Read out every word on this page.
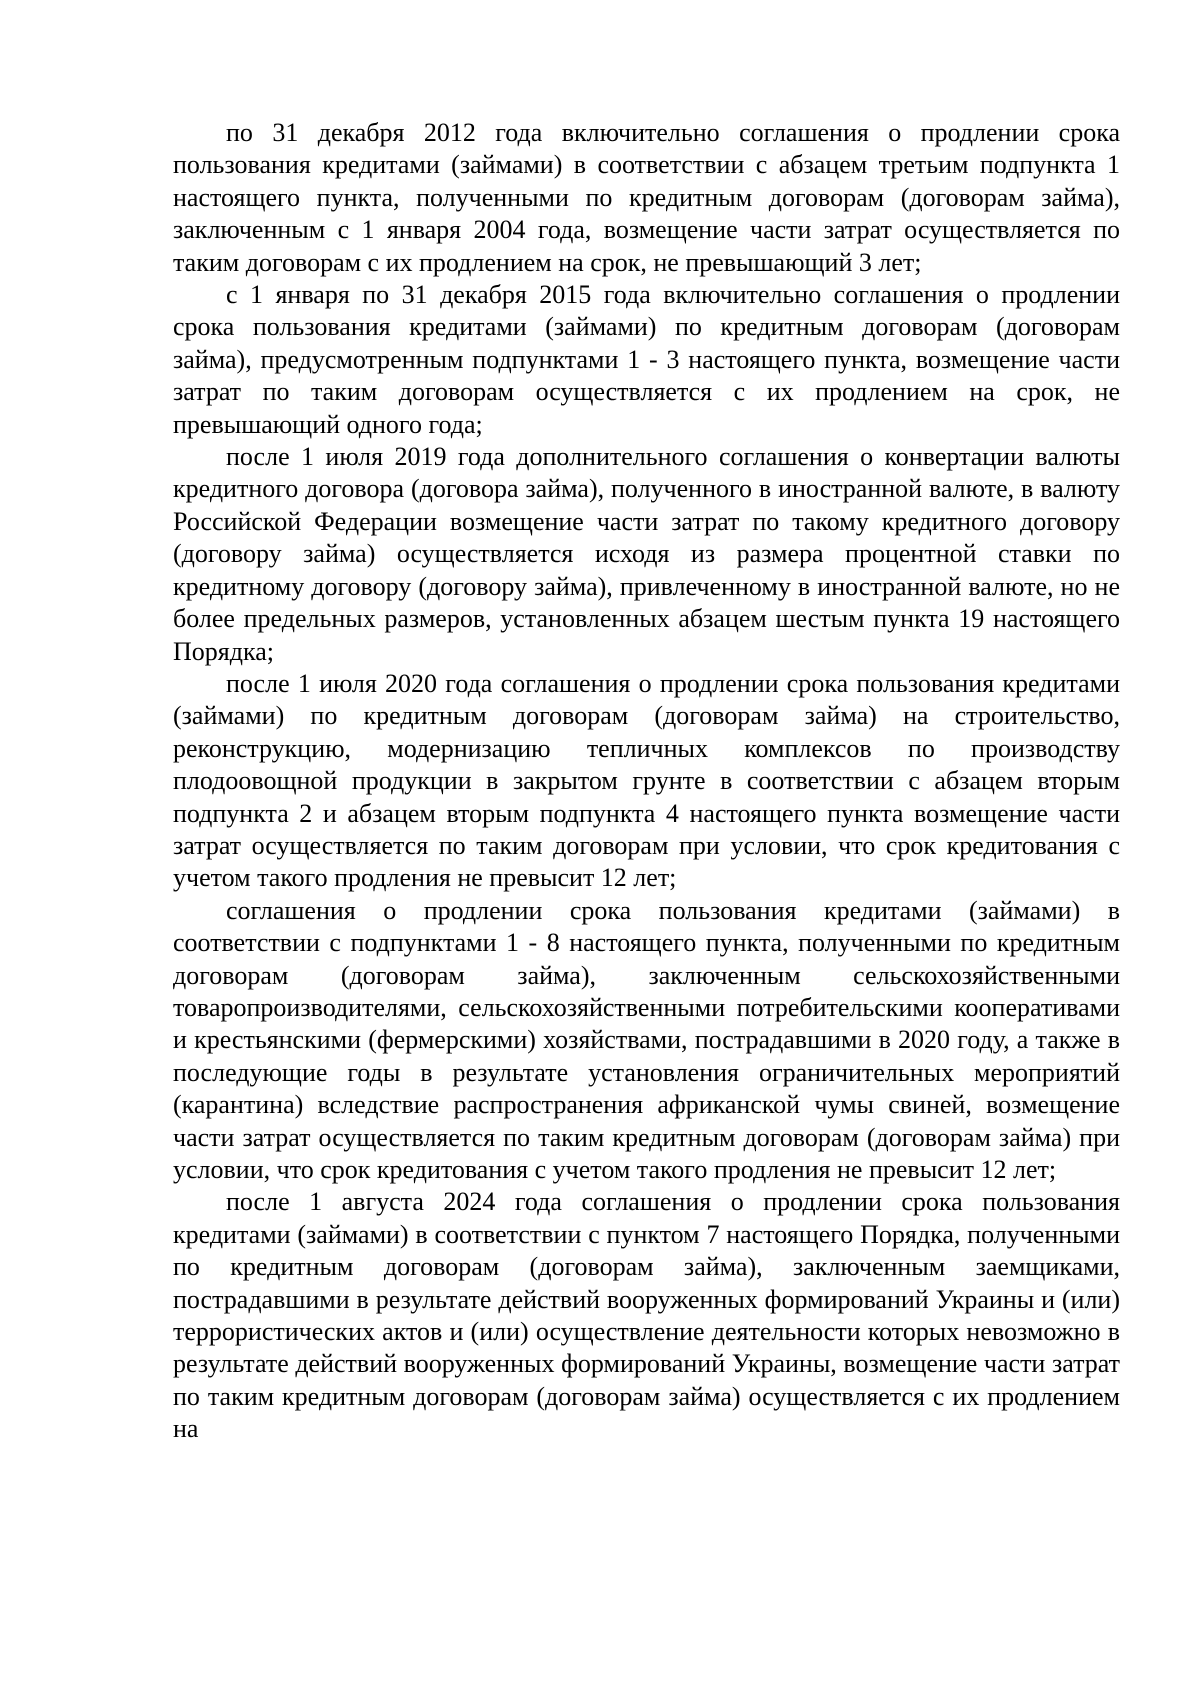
по 31 декабря 2012 года включительно соглашения о продлении срока пользования кредитами (займами) в соответствии с абзацем третьим подпункта 1 настоящего пункта, полученными по кредитным договорам (договорам займа), заключенным с 1 января 2004 года, возмещение части затрат осуществляется по таким договорам с их продлением на срок, не превышающий 3 лет;

с 1 января по 31 декабря 2015 года включительно соглашения о продлении срока пользования кредитами (займами) по кредитным договорам (договорам займа), предусмотренным подпунктами 1 - 3 настоящего пункта, возмещение части затрат по таким договорам осуществляется с их продлением на срок, не превышающий одного года;

после 1 июля 2019 года дополнительного соглашения о конвертации валюты кредитного договора (договора займа), полученного в иностранной валюте, в валюту Российской Федерации возмещение части затрат по такому кредитного договору (договору займа) осуществляется исходя из размера процентной ставки по кредитному договору (договору займа), привлеченному в иностранной валюте, но не более предельных размеров, установленных абзацем шестым пункта 19 настоящего Порядка;

после 1 июля 2020 года соглашения о продлении срока пользования кредитами (займами) по кредитным договорам (договорам займа) на строительство, реконструкцию, модернизацию тепличных комплексов по производству плодоовощной продукции в закрытом грунте в соответствии с абзацем вторым подпункта 2 и абзацем вторым подпункта 4 настоящего пункта возмещение части затрат осуществляется по таким договорам при условии, что срок кредитования с учетом такого продления не превысит 12 лет;

соглашения о продлении срока пользования кредитами (займами) в соответствии с подпунктами 1 - 8 настоящего пункта, полученными по кредитным договорам (договорам займа), заключенным сельскохозяйственными товаропроизводителями, сельскохозяйственными потребительскими кооперативами и крестьянскими (фермерскими) хозяйствами, пострадавшими в 2020 году, а также в последующие годы в результате установления ограничительных мероприятий (карантина) вследствие распространения африканской чумы свиней, возмещение части затрат осуществляется по таким кредитным договорам (договорам займа) при условии, что срок кредитования с учетом такого продления не превысит 12 лет;

после 1 августа 2024 года соглашения о продлении срока пользования кредитами (займами) в соответствии с пунктом 7 настоящего Порядка, полученными по кредитным договорам (договорам займа), заключенным заемщиками, пострадавшими в результате действий вооруженных формирований Украины и (или) террористических актов и (или) осуществление деятельности которых невозможно в результате действий вооруженных формирований Украины, возмещение части затрат по таким кредитным договорам (договорам займа) осуществляется с их продлением на
